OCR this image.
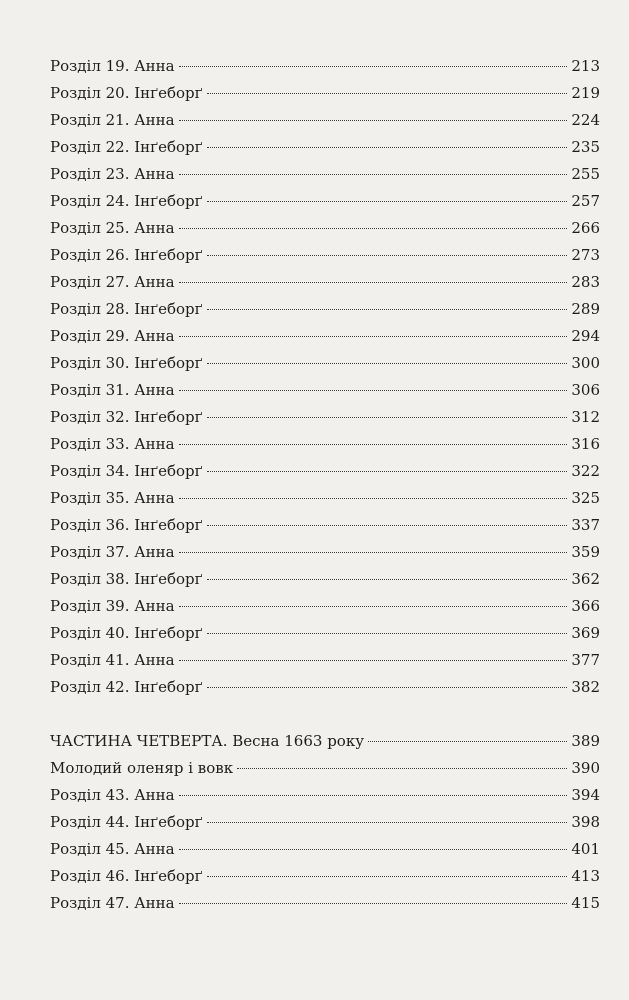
Розділ 19. Анна	213
Розділ 20. Інґеборґ	219
Розділ 21. Анна	224
Розділ 22. Інґеборґ	235
Розділ 23. Анна	255
Розділ 24. Інґеборґ	257
Розділ 25. Анна	266
Розділ 26. Інґеборґ	273
Розділ 27. Анна	283
Розділ 28. Інґеборґ	289
Розділ 29. Анна	294
Розділ 30. Інґеборґ	300
Розділ 31. Анна	306
Розділ 32. Інґеборґ	312
Розділ 33. Анна	316
Розділ 34. Інґеборґ	322
Розділ 35. Анна	325
Розділ 36. Інґеборґ	337
Розділ 37. Анна	359
Розділ 38. Інґеборґ	362
Розділ 39. Анна	366
Розділ 40. Інґеборґ	369
Розділ 41. Анна	377
Розділ 42. Інґеборґ	382
ЧАСТИНА ЧЕТВЕРТА. Весна 1663 року	389
Молодий оленяр і вовк	390
Розділ 43. Анна	394
Розділ 44. Інґеборґ	398
Розділ 45. Анна	401
Розділ 46. Інґеборґ	413
Розділ 47. Анна	415
